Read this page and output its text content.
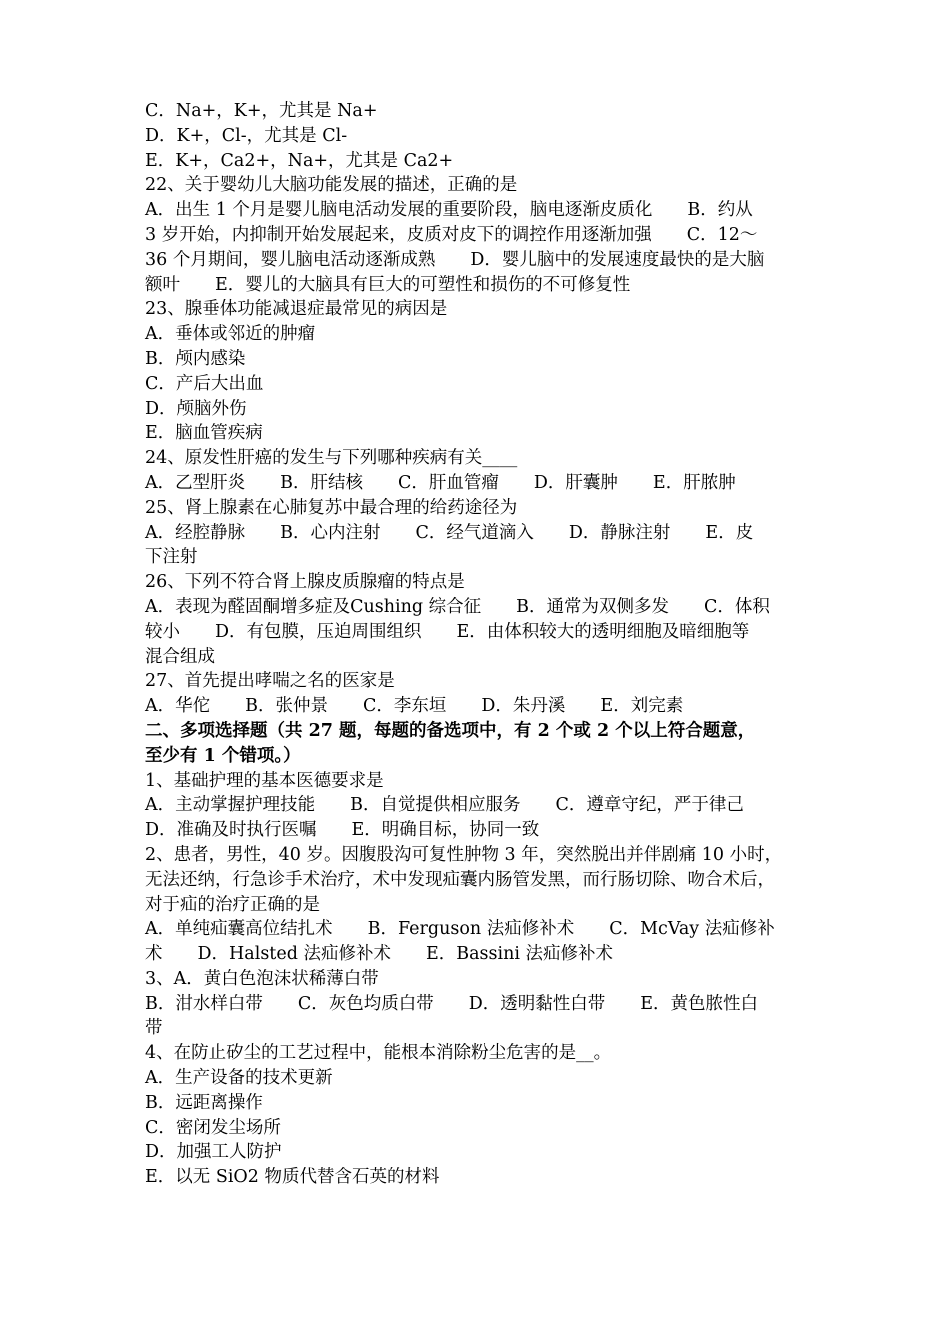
C．Na+，K+，尤其是 Na+
D．K+，Cl-，尤其是 Cl-
E．K+，Ca2+，Na+，尤其是 Ca2+
22、关于婴幼儿大脑功能发展的描述，正确的是
A．出生 1 个月是婴儿脑电活动发展的重要阶段，脑电逐渐皮质化　　B．约从
3 岁开始，内抑制开始发展起来，皮质对皮下的调控作用逐渐加强　　C．12～
36 个月期间，婴儿脑电活动逐渐成熟　　D．婴儿脑中的发展速度最快的是大脑
额叶　　E．婴儿的大脑具有巨大的可塑性和损伤的不可修复性
23、腺垂体功能减退症最常见的病因是
A．垂体或邻近的肿瘤
B．颅内感染
C．产后大出血
D．颅脑外伤
E．脑血管疾病
24、原发性肝癌的发生与下列哪种疾病有关____
A．乙型肝炎　　B．肝结核　　C．肝血管瘤　　D．肝囊肿　　E．肝脓肿
25、肾上腺素在心肺复苏中最合理的给药途径为
A．经腔静脉　　B．心内注射　　C．经气道滴入　　D．静脉注射　　E．皮
下注射
26、下列不符合肾上腺皮质腺瘤的特点是
A．表现为醛固酮增多症及Cushing 综合征　　B．通常为双侧多发　　C．体积
较小　　D．有包膜，压迫周围组织　　E．由体积较大的透明细胞及暗细胞等
混合组成
27、首先提出哮喘之名的医家是
A．华佗　　B．张仲景　　C．李东垣　　D．朱丹溪　　E．刘完素
二、多项选择题（共 27 题，每题的备选项中，有 2 个或 2 个以上符合题意，
至少有 1 个错项。）
1、基础护理的基本医德要求是
A．主动掌握护理技能　　B．自觉提供相应服务　　C．遵章守纪，严于律己
D．准确及时执行医嘱　　E．明确目标，协同一致
2、患者，男性，40 岁。因腹股沟可复性肿物 3 年，突然脱出并伴剧痛 10 小时，
无法还纳，行急诊手术治疗，术中发现疝囊内肠管发黑，而行肠切除、吻合术后，
对于疝的治疗正确的是
A．单纯疝囊高位结扎术　　B．Ferguson 法疝修补术　　C．McVay 法疝修补
术　　D．Halsted 法疝修补术　　E．Bassini 法疝修补术
3、A．黄白色泡沫状稀薄白带
B．泔水样白带　　C．灰色均质白带　　D．透明黏性白带　　E．黄色脓性白
带
4、在防止矽尘的工艺过程中，能根本消除粉尘危害的是__。
A．生产设备的技术更新
B．远距离操作
C．密闭发尘场所
D．加强工人防护
E．以无 SiO2 物质代替含石英的材料
